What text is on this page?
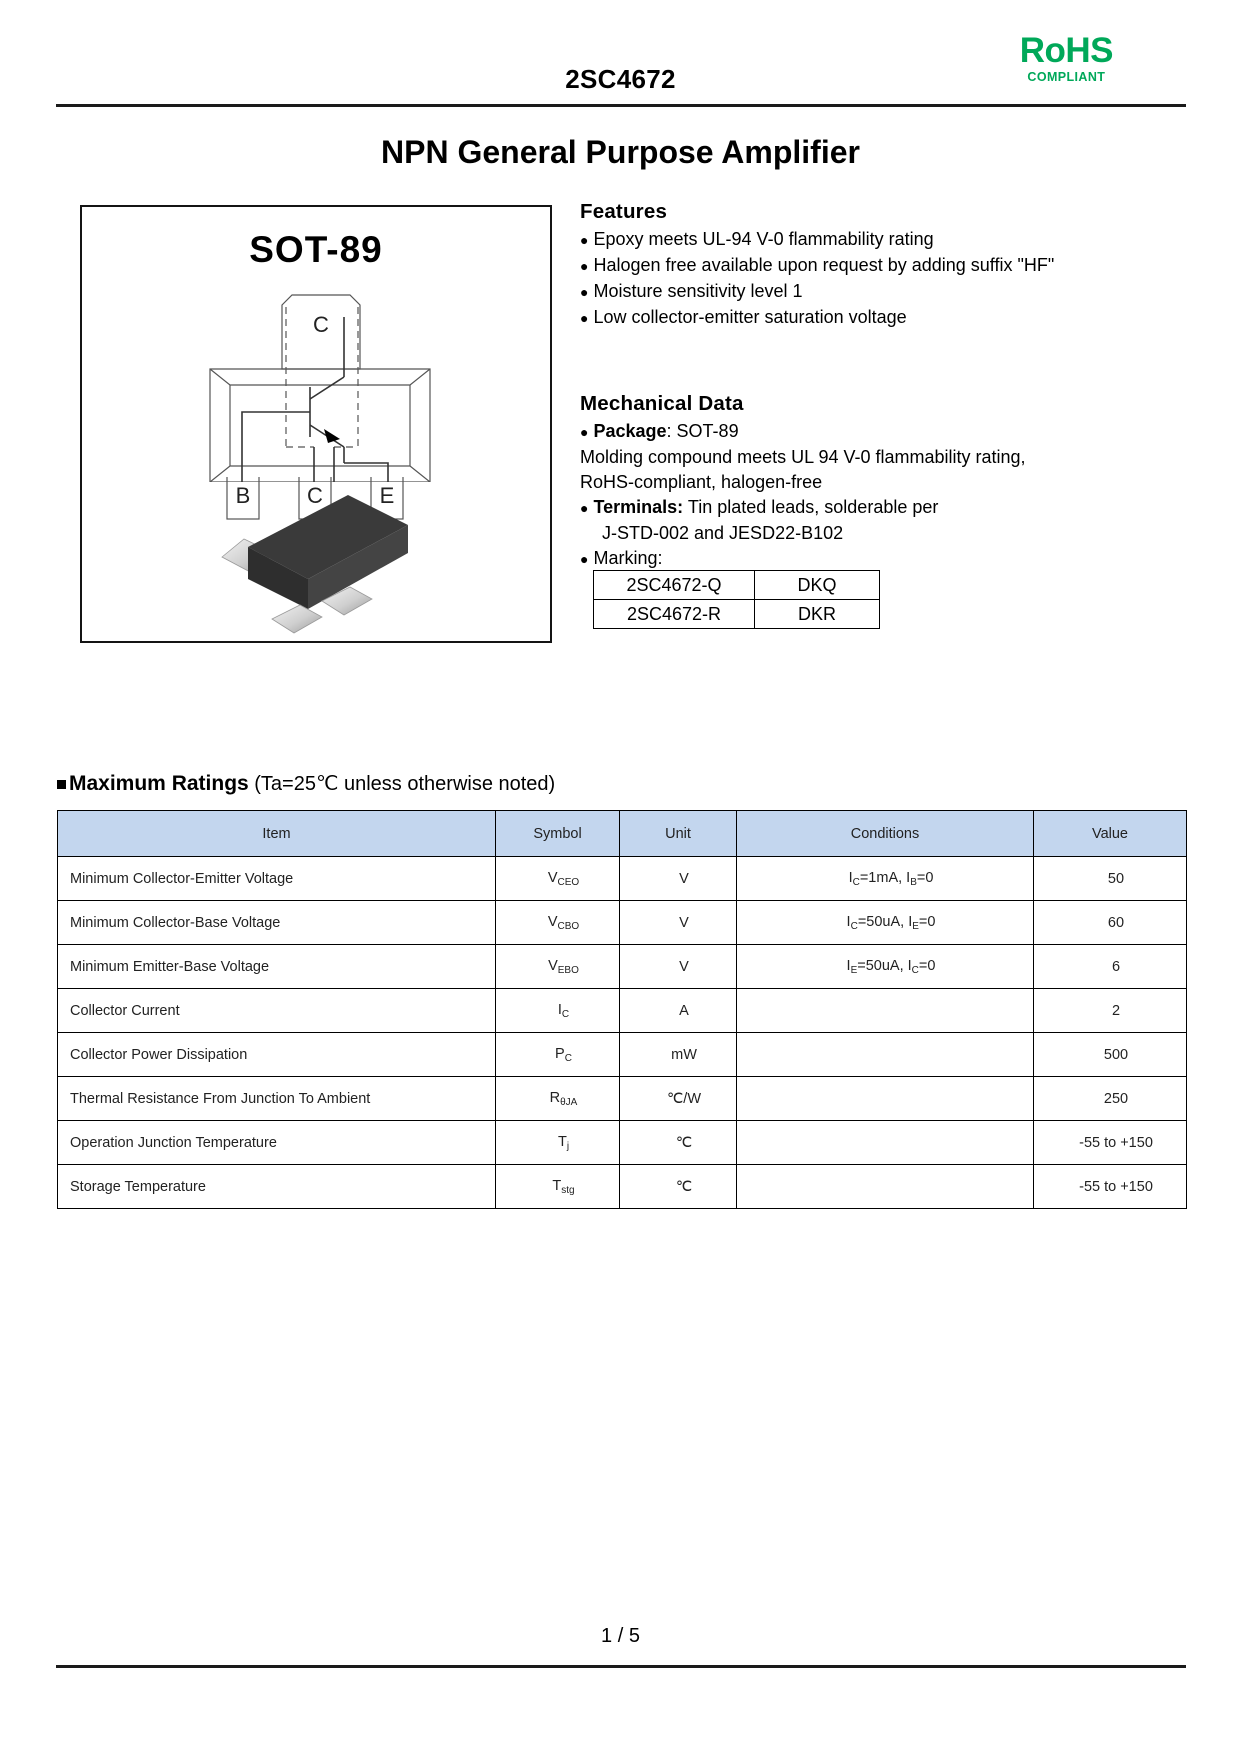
2SC4672
RoHS
COMPLIANT
NPN General Purpose Amplifier
SOT-89
C
B	C	E
Features
● Epoxy meets UL-94 V-0 flammability rating
● Halogen free available upon request by adding suffix "HF"
● Moisture sensitivity level 1
● Low collector-emitter saturation voltage
Mechanical Data
● Package: SOT-89
Molding compound meets UL 94 V-0 flammability rating,
RoHS-compliant, halogen-free
● Terminals: Tin plated leads, solderable per
J-STD-002 and JESD22-B102
● Marking:
2SC4672-Q	DKQ
2SC4672-R	DKR
Maximum Ratings (Ta=25℃ unless otherwise noted)
Item	Symbol	Unit	Conditions	Value
Minimum Collector-Emitter Voltage	$V_{CEO}$	V	$I_C=1mA$, $I_B=0$	50
Minimum Collector-Base Voltage	$V_{CBO}$	V	$I_C=50uA$, $I_E=0$	60
Minimum Emitter-Base Voltage	$V_{EBO}$	V	$I_E=50uA$, $I_C=0$	6
Collector Current	$I_C$	A		2
Collector Power Dissipation	$P_C$	mW		500
Thermal Resistance From Junction To Ambient	$R_{\theta JA}$	℃/W		250
Operation Junction Temperature	$T_j$	℃		-55 to +150
Storage Temperature	$T_{stg}$	℃		-55 to +150
1 / 5
